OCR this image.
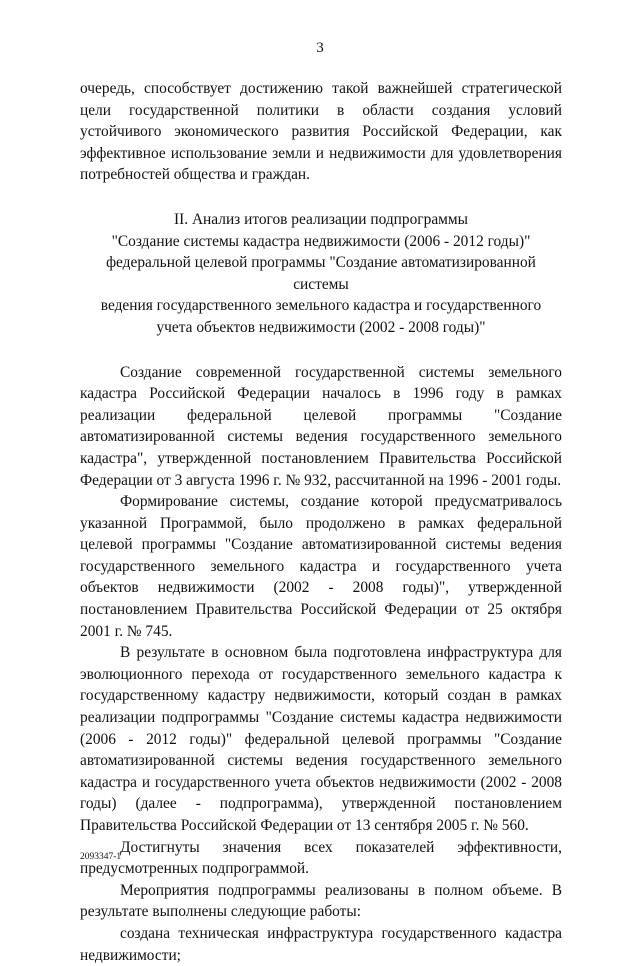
3

очередь, способствует достижению такой важнейшей стратегической цели государственной политики в области создания условий устойчивого экономического развития Российской Федерации, как эффективное использование земли и недвижимости для удовлетворения потребностей общества и граждан.

II. Анализ итогов реализации подпрограммы
"Создание системы кадастра недвижимости (2006 - 2012 годы)"
федеральной целевой программы "Создание автоматизированной системы
ведения государственного земельного кадастра и государственного
учета объектов недвижимости (2002 - 2008 годы)"

Создание современной государственной системы земельного кадастра Российской Федерации началось в 1996 году в рамках реализации федеральной целевой программы "Создание автоматизированной системы ведения государственного земельного кадастра", утвержденной постановлением Правительства Российской Федерации от 3 августа 1996 г. № 932, рассчитанной на 1996 - 2001 годы.

Формирование системы, создание которой предусматривалось указанной Программой, было продолжено в рамках федеральной целевой программы "Создание автоматизированной системы ведения государственного земельного кадастра и государственного учета объектов недвижимости (2002 - 2008 годы)", утвержденной постановлением Правительства Российской Федерации от 25 октября 2001 г. № 745.

В результате в основном была подготовлена инфраструктура для эволюционного перехода от государственного земельного кадастра к государственному кадастру недвижимости, который создан в рамках реализации подпрограммы "Создание системы кадастра недвижимости (2006 - 2012 годы)" федеральной целевой программы "Создание автоматизированной системы ведения государственного земельного кадастра и государственного учета объектов недвижимости (2002 - 2008 годы) (далее - подпрограмма), утвержденной постановлением Правительства Российской Федерации от 13 сентября 2005 г. № 560.

Достигнуты значения всех показателей эффективности, предусмотренных подпрограммой.

Мероприятия подпрограммы реализованы в полном объеме. В результате выполнены следующие работы:

создана техническая инфраструктура государственного кадастра недвижимости;

2093347-1
